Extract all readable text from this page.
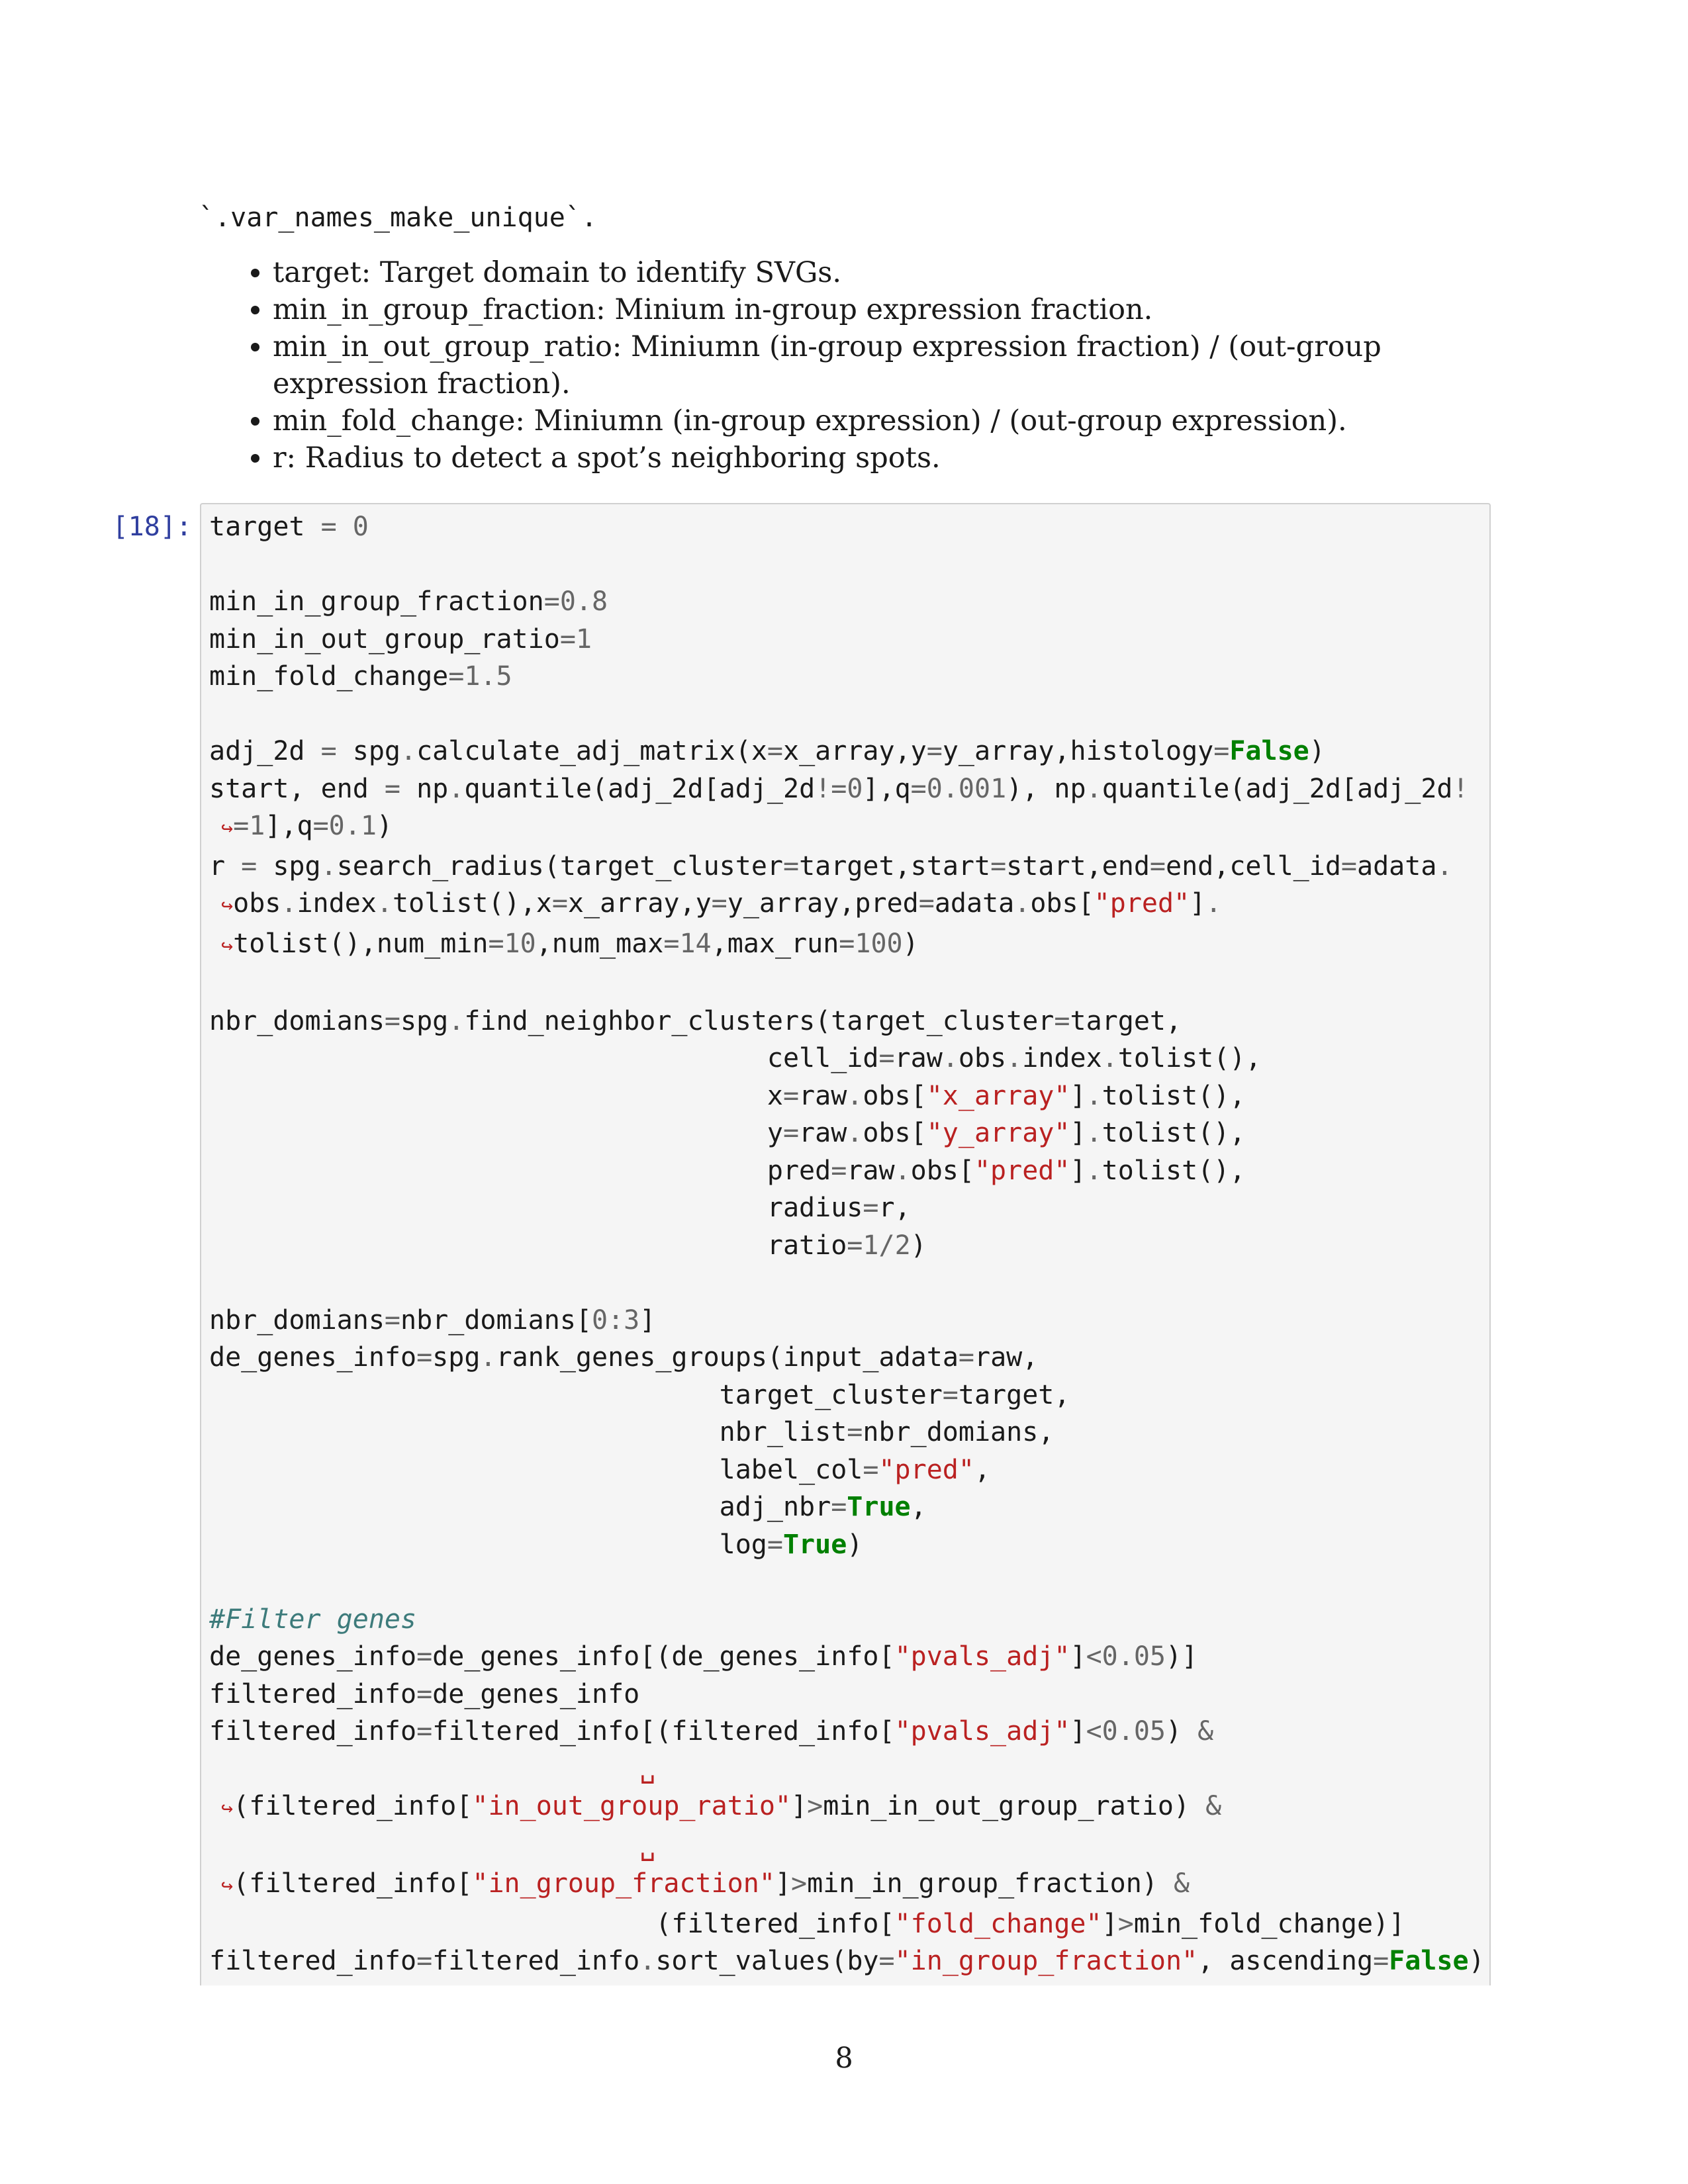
`.var_names_make_unique`.
• target: Target domain to identify SVGs.
• min_in_group_fraction: Minium in-group expression fraction.
• min_in_out_group_ratio: Miniumn (in-group expression fraction) / (out-group expression fraction).
• min_fold_change: Miniumn (in-group expression) / (out-group expression).
• r: Radius to detect a spot’s neighboring spots.
[18]: target = 0

min_in_group_fraction=0.8
min_in_out_group_ratio=1
min_fold_change=1.5

adj_2d = spg.calculate_adj_matrix(x=x_array,y=y_array,histology=False)
start, end = np.quantile(adj_2d[adj_2d!=0],q=0.001), np.quantile(adj_2d[adj_2d!
↪=1],q=0.1)
r = spg.search_radius(target_cluster=target,start=start,end=end,cell_id=adata.
↪obs.index.tolist(),x=x_array,y=y_array,pred=adata.obs["pred"].
↪tolist(),num_min=10,num_max=14,max_run=100)

nbr_domians=spg.find_neighbor_clusters(target_cluster=target,
cell_id=raw.obs.index.tolist(),
x=raw.obs["x_array"].tolist(),
y=raw.obs["y_array"].tolist(),
pred=raw.obs["pred"].tolist(),
radius=r,
ratio=1/2)

nbr_domians=nbr_domians[0:3]
de_genes_info=spg.rank_genes_groups(input_adata=raw,
target_cluster=target,
nbr_list=nbr_domians,
label_col="pred",
adj_nbr=True,
log=True)

#Filter genes
de_genes_info=de_genes_info[(de_genes_info["pvals_adj"]<0.05)]
filtered_info=de_genes_info
filtered_info=filtered_info[(filtered_info["pvals_adj"]<0.05) &
␣
↪(filtered_info["in_out_group_ratio"]>min_in_out_group_ratio) &
␣
↪(filtered_info["in_group_fraction"]>min_in_group_fraction) &
(filtered_info["fold_change"]>min_fold_change)]
filtered_info=filtered_info.sort_values(by="in_group_fraction", ascending=False)
8
